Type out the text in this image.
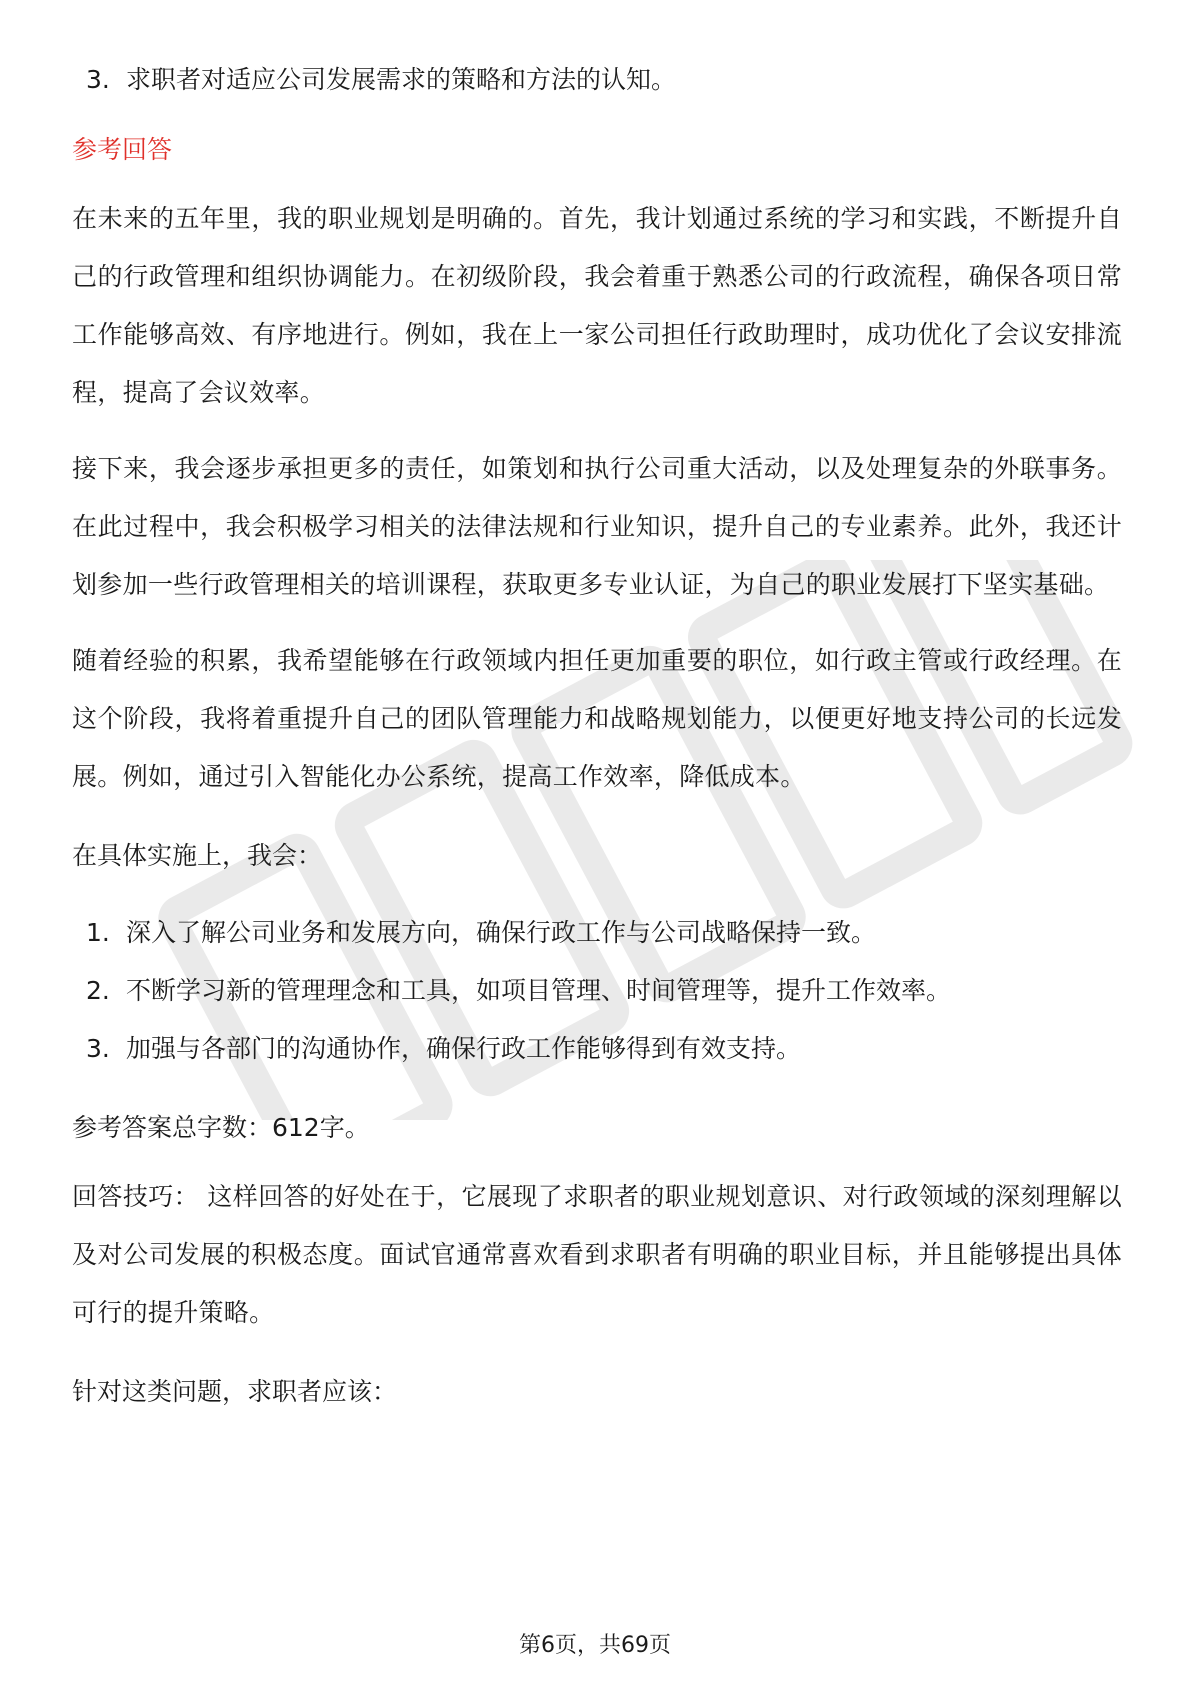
3. 求职者对适应公司发展需求的策略和方法的认知。

参考回答

在未来的五年里，我的职业规划是明确的。首先，我计划通过系统的学习和实践，不断提升自己的行政管理和组织协调能力。在初级阶段，我会着重于熟悉公司的行政流程，确保各项日常工作能够高效、有序地进行。例如，我在上一家公司担任行政助理时，成功优化了会议安排流程，提高了会议效率。

接下来，我会逐步承担更多的责任，如策划和执行公司重大活动，以及处理复杂的外联事务。在此过程中，我会积极学习相关的法律法规和行业知识，提升自己的专业素养。此外，我还计划参加一些行政管理相关的培训课程，获取更多专业认证，为自己的职业发展打下坚实基础。

随着经验的积累，我希望能够在行政领域内担任更加重要的职位，如行政主管或行政经理。在这个阶段，我将着重提升自己的团队管理能力和战略规划能力，以便更好地支持公司的长远发展。例如，通过引入智能化办公系统，提高工作效率，降低成本。

在具体实施上，我会：

1. 深入了解公司业务和发展方向，确保行政工作与公司战略保持一致。

2. 不断学习新的管理理念和工具，如项目管理、时间管理等，提升工作效率。

3. 加强与各部门的沟通协作，确保行政工作能够得到有效支持。

参考答案总字数：612字。

回答技巧： 这样回答的好处在于，它展现了求职者的职业规划意识、对行政领域的深刻理解以及对公司发展的积极态度。面试官通常喜欢看到求职者有明确的职业目标，并且能够提出具体可行的提升策略。

针对这类问题，求职者应该：

第6页，共69页
